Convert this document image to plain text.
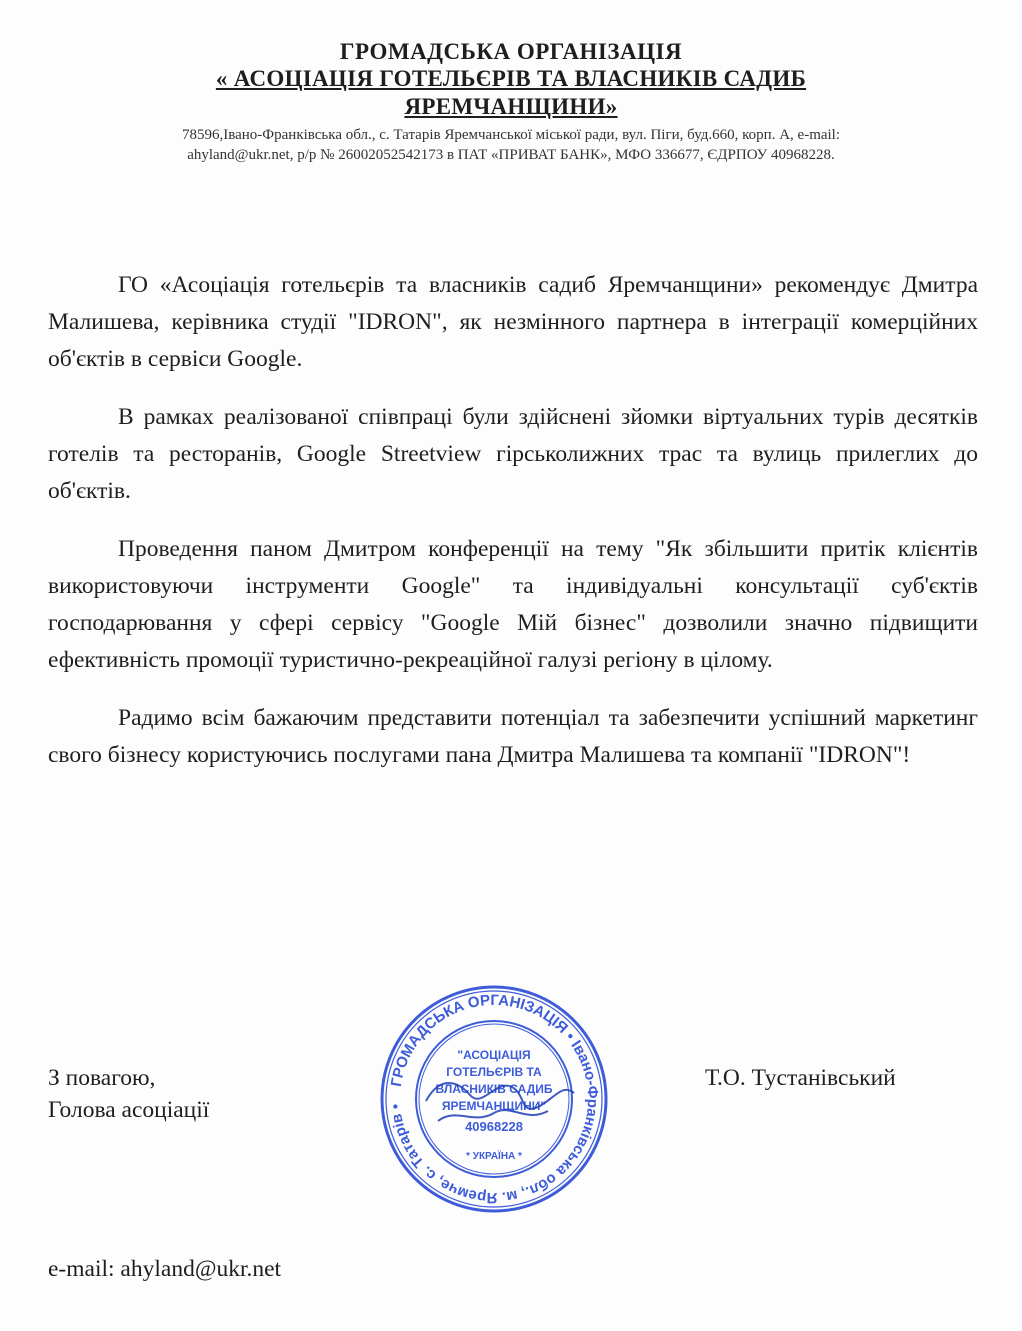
ГРОМАДСЬКА ОРГАНІЗАЦІЯ
« АСОЦІАЦІЯ ГОТЕЛЬЄРІВ ТА ВЛАСНИКІВ САДИБ
ЯРЕМЧАНЩИНИ»
78596,Івано-Франківська обл., с. Татарів Яремчанської міської ради, вул. Піги, буд.660, корп. А, e-mail:
ahyland@ukr.net, р/р № 26002052542173 в ПАТ «ПРИВАТ БАНК», МФО 336677, ЄДРПОУ 40968228.

ГО «Асоціація готельєрів та власників садиб Яремчанщини» рекомендує Дмитра Малишева, керівника студії "IDRON", як незмінного партнера в інтеграції комерційних об'єктів в сервіси Google.

В рамках реалізованої співпраці були здійснені зйомки віртуальних турів десятків готелів та ресторанів, Google Streetview гірськолижних трас та вулиць прилеглих до об'єктів.

Проведення паном Дмитром конференції на тему "Як збільшити притік клієнтів використовуючи інструменти Google" та індивідуальні консультації суб'єктів господарювання у сфері сервісу "Google Мій бізнес" дозволили значно підвищити ефективність промоції туристично-рекреаційної галузі регіону в цілому.

Радимо всім бажаючим представити потенціал та забезпечити успішний маркетинг свого бізнесу користуючись послугами пана Дмитра Малишева та компанії "IDRON"!

З повагою,
Голова асоціації
Т.О. Тустанівський
e-mail: ahyland@ukr.net
ГРОМАДСЬКА ОРГАНІЗАЦІЯ • Івано-Франківська обл., м. Яремче, с. Татарів •
"АСОЦІАЦІЯ
ГОТЕЛЬЄРІВ ТА
ВЛАСНИКІВ САДИБ
ЯРЕМЧАНЩИНИ"
40968228
* УКРАЇНА *
